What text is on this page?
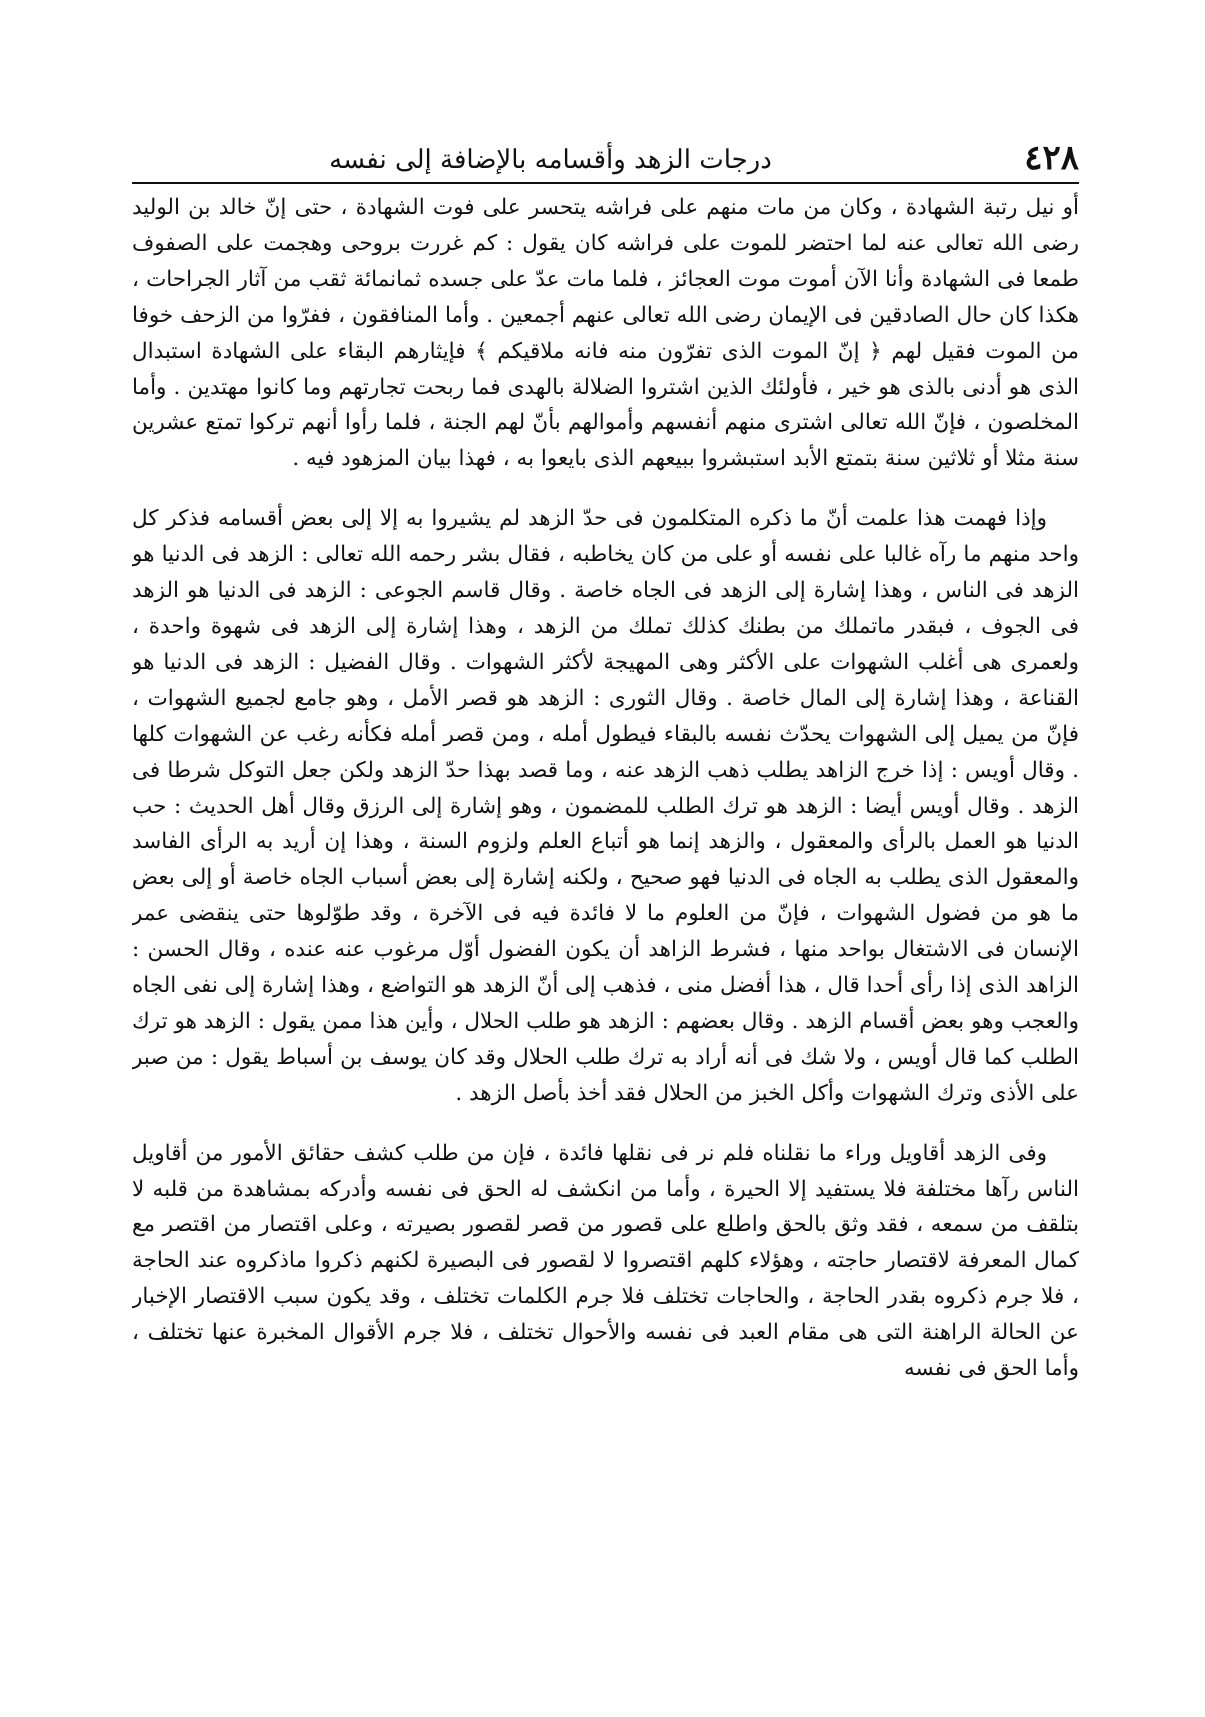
٤٢٨
درجات الزهد وأقسامه بالإضافة إلى نفسه

أو نيل رتبة الشهادة ، وكان من مات منهم على فراشه يتحسر على فوت الشهادة ، حتى إنّ خالد بن الوليد رضى الله تعالى عنه لما احتضر للموت على فراشه كان يقول : كم غررت بروحى وهجمت على الصفوف طمعا فى الشهادة وأنا الآن أموت موت العجائز ، فلما مات عدّ على جسده ثمانمائة ثقب من آثار الجراحات ، هكذا كان حال الصادقين فى الإيمان رضى الله تعالى عنهم أجمعين . وأما المنافقون ، ففرّوا من الزحف خوفا من الموت فقيل لهم ﴿ إنّ الموت الذى تفرّون منه فانه ملاقيكم ﴾ فإيثارهم البقاء على الشهادة استبدال الذى هو أدنى بالذى هو خير ، فأولئك الذين اشتروا الضلالة بالهدى فما ربحت تجارتهم وما كانوا مهتدين . وأما المخلصون ، فإنّ الله تعالى اشترى منهم أنفسهم وأموالهم بأنّ لهم الجنة ، فلما رأوا أنهم تركوا تمتع عشرين سنة مثلا أو ثلاثين سنة بتمتع الأبد استبشروا ببيعهم الذى بايعوا به ، فهذا بيان المزهود فيه .

وإذا فهمت هذا علمت أنّ ما ذكره المتكلمون فى حدّ الزهد لم يشيروا به إلا إلى بعض أقسامه فذكر كل واحد منهم ما رآه غالبا على نفسه أو على من كان يخاطبه ، فقال بشر رحمه الله تعالى : الزهد فى الدنيا هو الزهد فى الناس ، وهذا إشارة إلى الزهد فى الجاه خاصة . وقال قاسم الجوعى : الزهد فى الدنيا هو الزهد فى الجوف ، فبقدر ماتملك من بطنك كذلك تملك من الزهد ، وهذا إشارة إلى الزهد فى شهوة واحدة ، ولعمرى هى أغلب الشهوات على الأكثر وهى المهيجة لأكثر الشهوات . وقال الفضيل : الزهد فى الدنيا هو القناعة ، وهذا إشارة إلى المال خاصة . وقال الثورى : الزهد هو قصر الأمل ، وهو جامع لجميع الشهوات ، فإنّ من يميل إلى الشهوات يحدّث نفسه بالبقاء فيطول أمله ، ومن قصر أمله فكأنه رغب عن الشهوات كلها . وقال أويس : إذا خرج الزاهد يطلب ذهب الزهد عنه ، وما قصد بهذا حدّ الزهد ولكن جعل التوكل شرطا فى الزهد . وقال أويس أيضا : الزهد هو ترك الطلب للمضمون ، وهو إشارة إلى الرزق وقال أهل الحديث : حب الدنيا هو العمل بالرأى والمعقول ، والزهد إنما هو أتباع العلم ولزوم السنة ، وهذا إن أريد به الرأى الفاسد والمعقول الذى يطلب به الجاه فى الدنيا فهو صحيح ، ولكنه إشارة إلى بعض أسباب الجاه خاصة أو إلى بعض ما هو من فضول الشهوات ، فإنّ من العلوم ما لا فائدة فيه فى الآخرة ، وقد طوّلوها حتى ينقضى عمر الإنسان فى الاشتغال بواحد منها ، فشرط الزاهد أن يكون الفضول أوّل مرغوب عنه عنده ، وقال الحسن : الزاهد الذى إذا رأى أحدا قال ، هذا أفضل منى ، فذهب إلى أنّ الزهد هو التواضع ، وهذا إشارة إلى نفى الجاه والعجب وهو بعض أقسام الزهد . وقال بعضهم : الزهد هو طلب الحلال ، وأين هذا ممن يقول : الزهد هو ترك الطلب كما قال أويس ، ولا شك فى أنه أراد به ترك طلب الحلال وقد كان يوسف بن أسباط يقول : من صبر على الأذى وترك الشهوات وأكل الخبز من الحلال فقد أخذ بأصل الزهد .

وفى الزهد أقاويل وراء ما نقلناه فلم نر فى نقلها فائدة ، فإن من طلب كشف حقائق الأمور من أقاويل الناس رآها مختلفة فلا يستفيد إلا الحيرة ، وأما من انكشف له الحق فى نفسه وأدركه بمشاهدة من قلبه لا بتلقف من سمعه ، فقد وثق بالحق واطلع على قصور من قصر لقصور بصيرته ، وعلى اقتصار من اقتصر مع كمال المعرفة لاقتصار حاجته ، وهؤلاء كلهم اقتصروا لا لقصور فى البصيرة لكنهم ذكروا ماذكروه عند الحاجة ، فلا جرم ذكروه بقدر الحاجة ، والحاجات تختلف فلا جرم الكلمات تختلف ، وقد يكون سبب الاقتصار الإخبار عن الحالة الراهنة التى هى مقام العبد فى نفسه والأحوال تختلف ، فلا جرم الأقوال المخبرة عنها تختلف ، وأما الحق فى نفسه
